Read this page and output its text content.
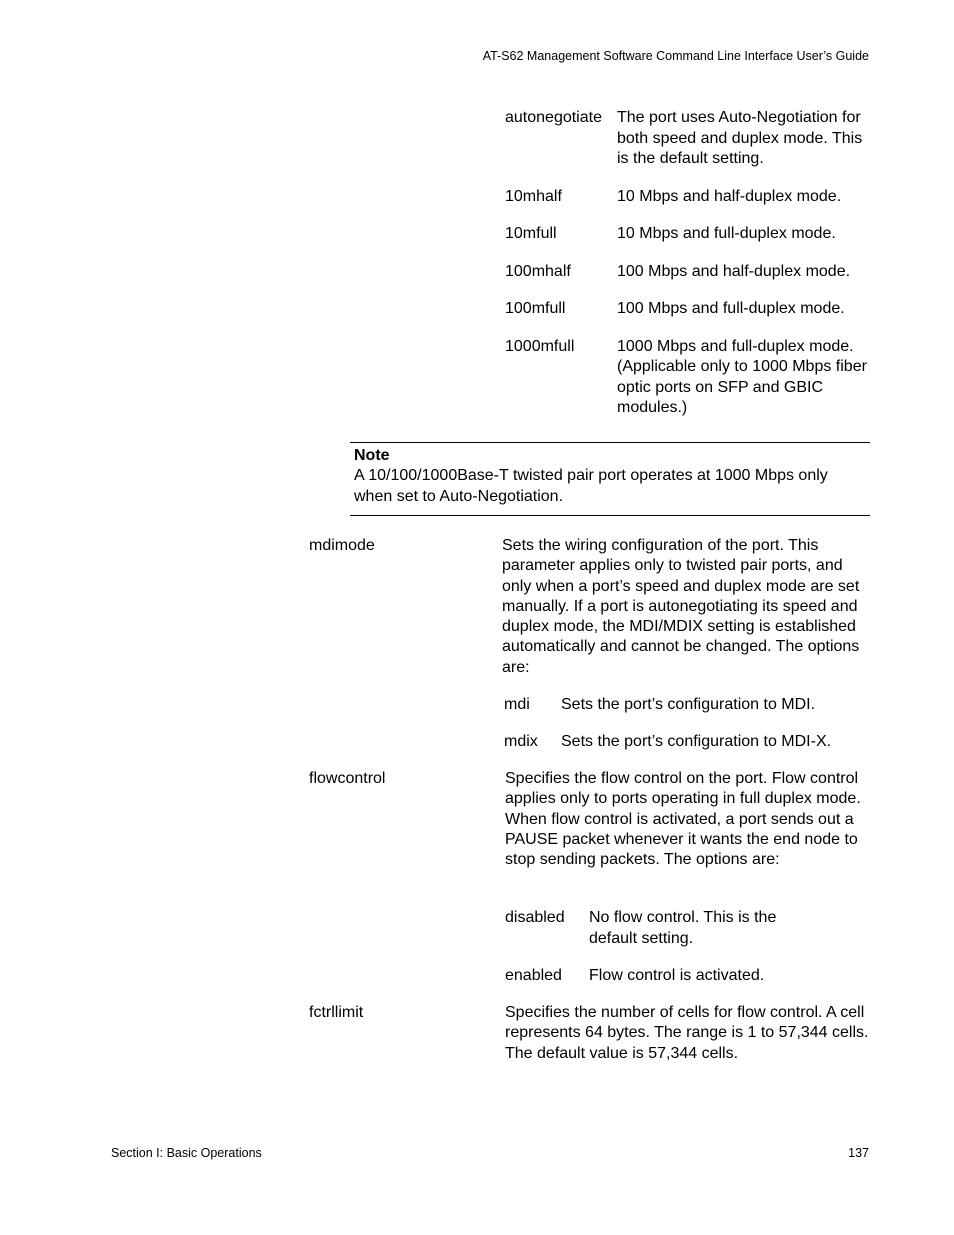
AT-S62 Management Software Command Line Interface User’s Guide
autonegotiate The port uses Auto-Negotiation for both speed and duplex mode. This is the default setting.
10mhalf	10 Mbps and half-duplex mode.
10mfull	10 Mbps and full-duplex mode.
100mhalf	100 Mbps and half-duplex mode.
100mfull	100 Mbps and full-duplex mode.
1000mfull	1000 Mbps and full-duplex mode. (Applicable only to 1000 Mbps fiber optic ports on SFP and GBIC modules.)
Note
A 10/100/1000Base-T twisted pair port operates at 1000 Mbps only when set to Auto-Negotiation.
mdimode	Sets the wiring configuration of the port. This parameter applies only to twisted pair ports, and only when a port’s speed and duplex mode are set manually. If a port is autonegotiating its speed and duplex mode, the MDI/MDIX setting is established automatically and cannot be changed. The options are:
mdi	Sets the port’s configuration to MDI.
mdix	Sets the port’s configuration to MDI-X.
flowcontrol	Specifies the flow control on the port. Flow control applies only to ports operating in full duplex mode. When flow control is activated, a port sends out a PAUSE packet whenever it wants the end node to stop sending packets. The options are:
disabled	No flow control. This is the default setting.
enabled	Flow control is activated.
fctrllimit	Specifies the number of cells for flow control. A cell represents 64 bytes. The range is 1 to 57,344 cells. The default value is 57,344 cells.
Section I: Basic Operations	137
